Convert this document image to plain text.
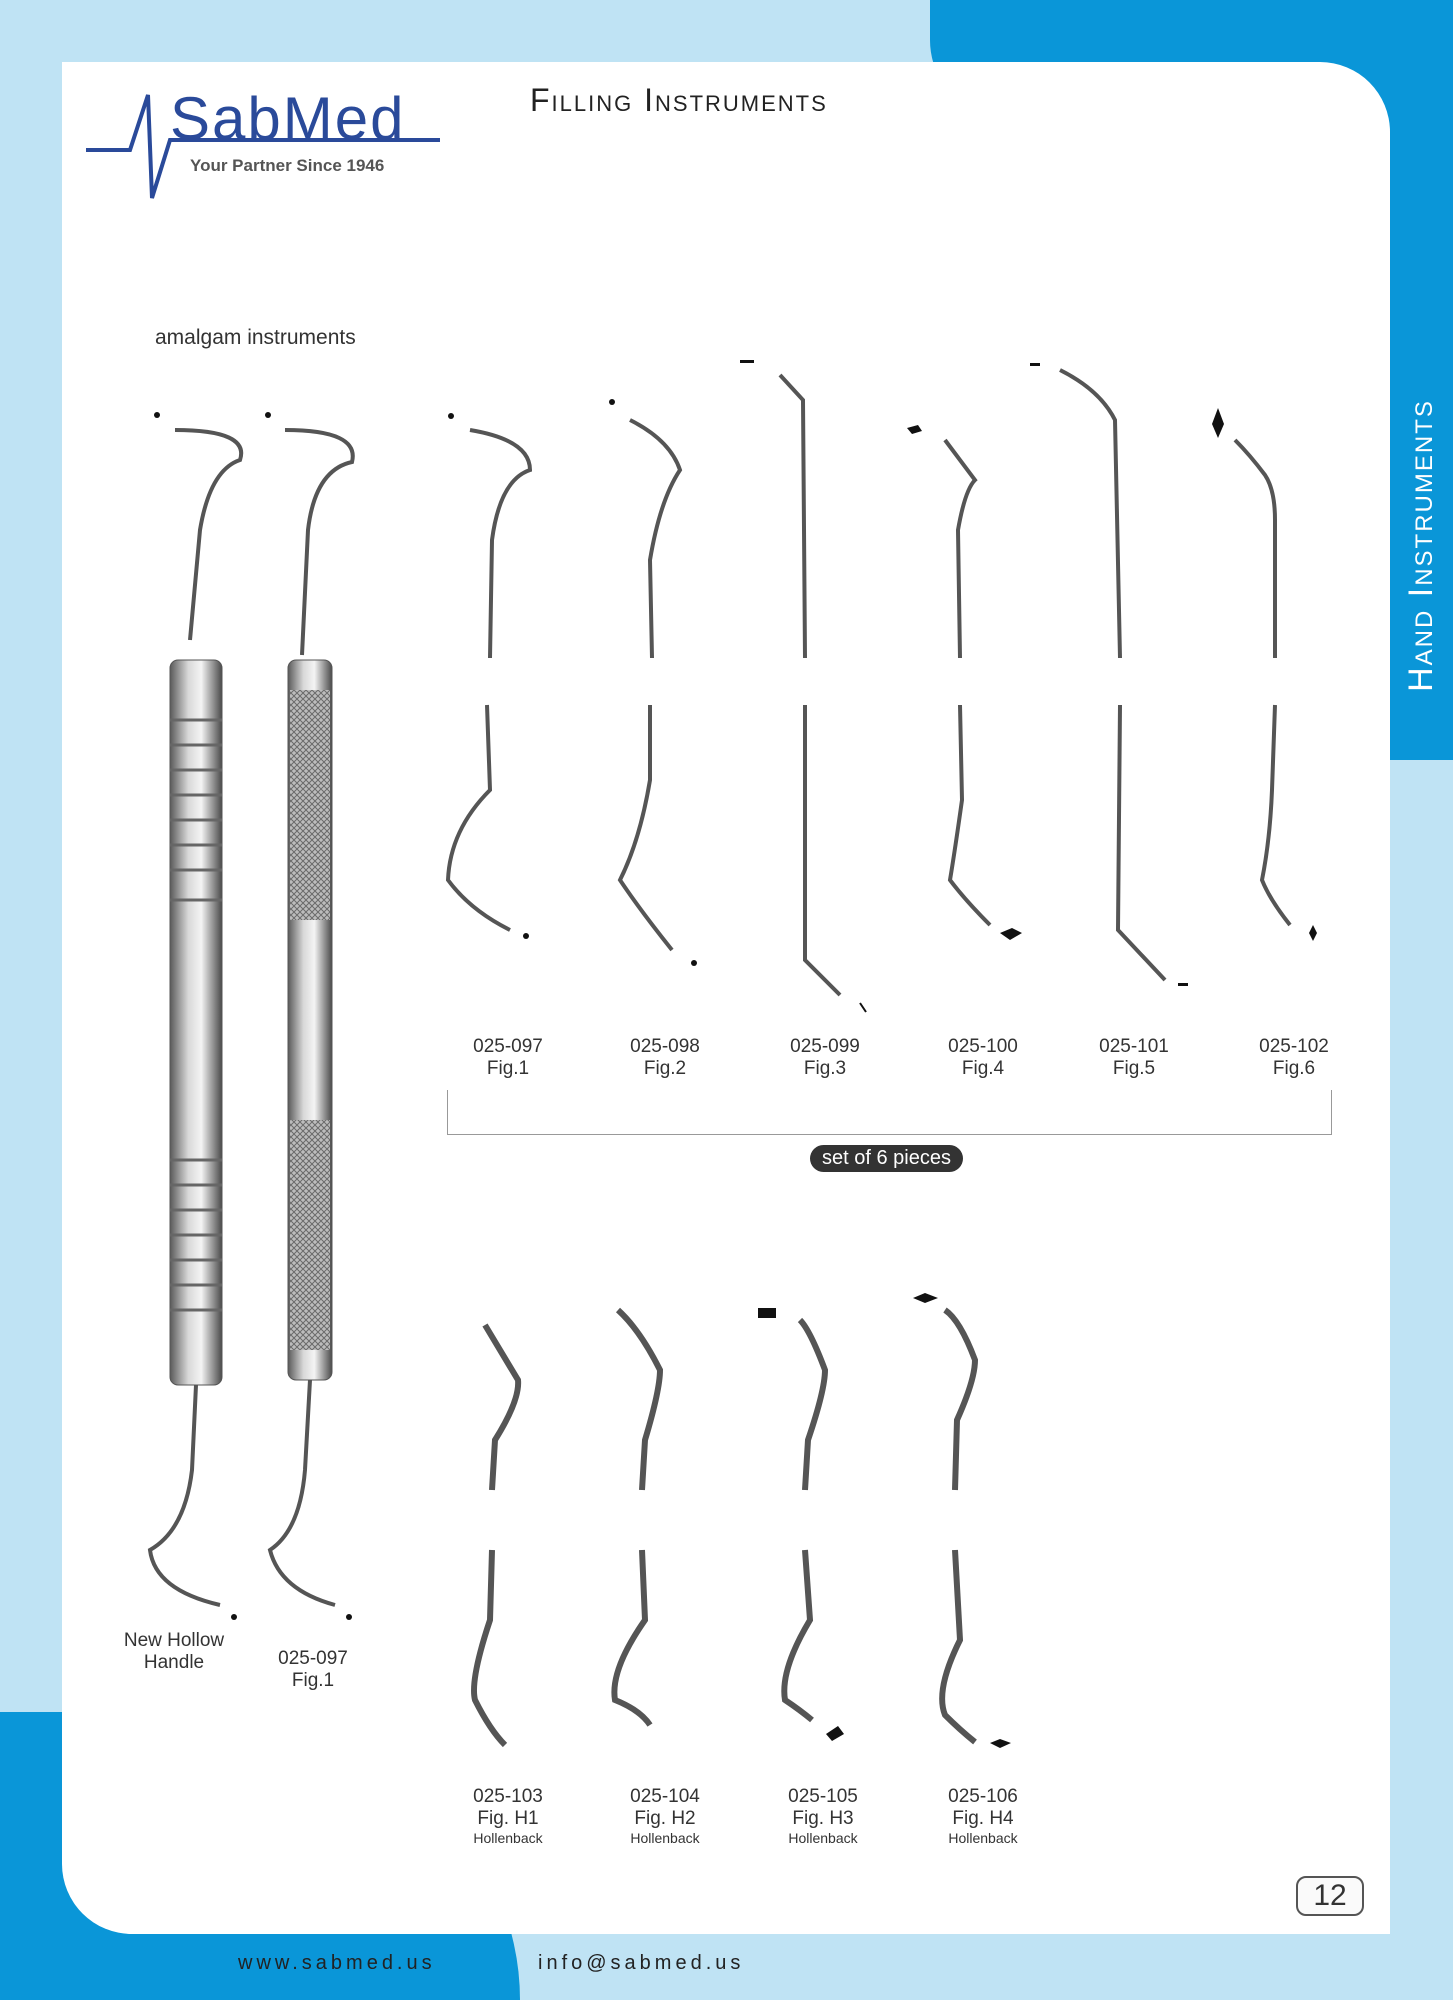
Hand Instruments
SabMed
Your Partner Since 1946
Filling Instruments
amalgam instruments
New Hollow
Handle	025-097
Fig.1
025-097
Fig.1
025-098
Fig.2
025-099
Fig.3
025-100
Fig.4
025-101
Fig.5
025-102
Fig.6
set of 6 pieces
025-103
Fig. H1
Hollenback
025-104
Fig. H2
Hollenback
025-105
Fig. H3
Hollenback
025-106
Fig. H4
Hollenback
12
www.sabmed.us	info@sabmed.us
